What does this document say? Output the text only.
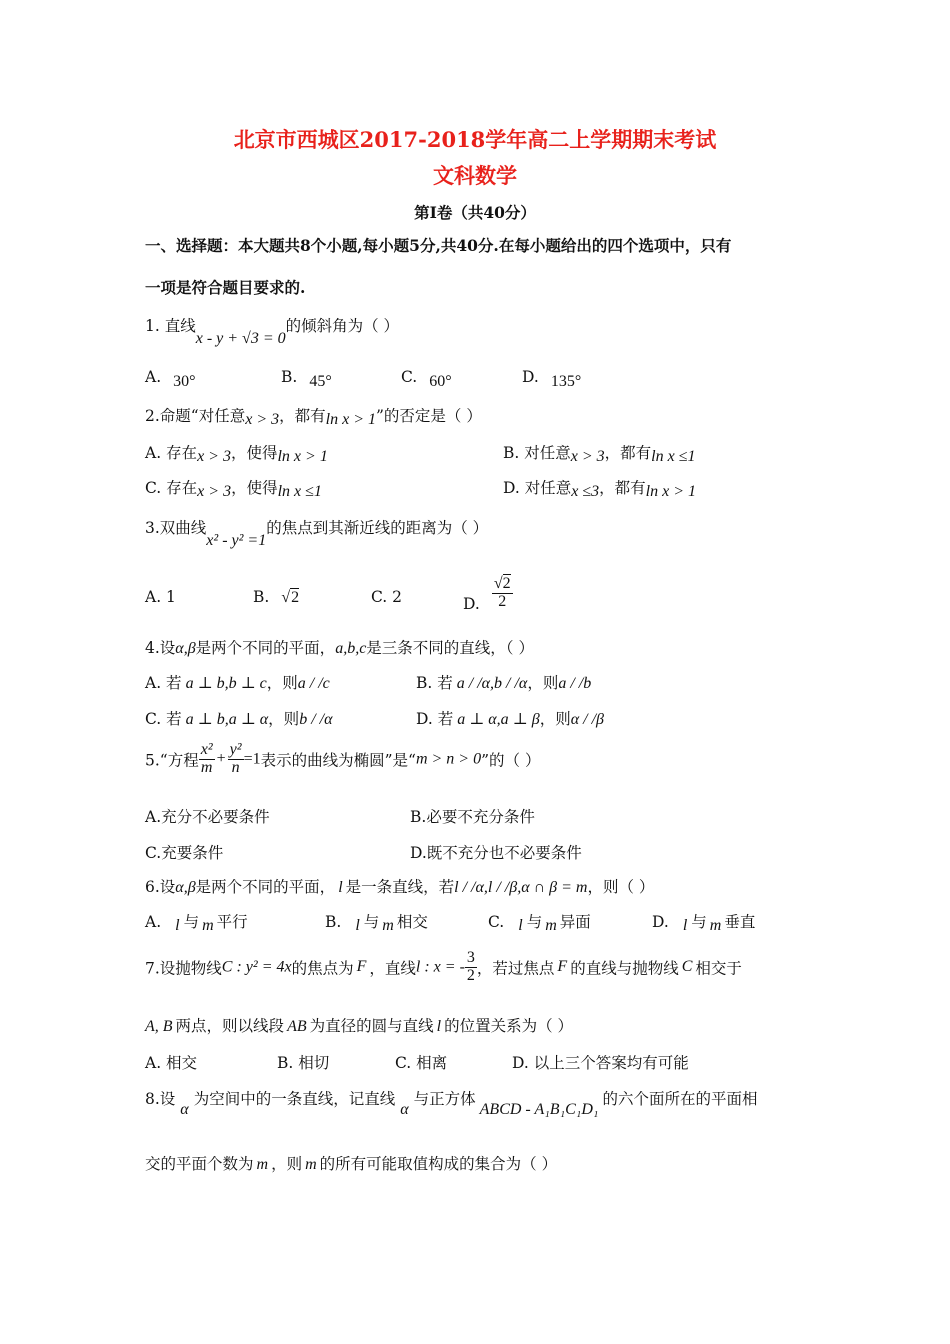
北京市西城区2017-2018学年高二上学期期末考试
文科数学
第Ⅰ卷（共40分）
一、选择题：本大题共8个小题,每小题5分,共40分.在每小题给出的四个选项中，只有
一项是符合题目要求的.
1. 直线x - y + √3 = 0的倾斜角为（ ）
A. 30°	B. 45°	C. 60°	D. 135°
2.命题“对任意x > 3，都有ln x > 1”的否定是（ ）
A. 存在x > 3，使得ln x > 1	B. 对任意x > 3，都有ln x ≤1
C. 存在x > 3，使得ln x ≤1	D. 对任意x ≤3，都有ln x > 1
3.双曲线x² - y² =1的焦点到其渐近线的距离为（ ）
A. 1	B. √2	C. 2	D. $\frac{√2}{2}$
4.设α,β是两个不同的平面，a,b,c是三条不同的直线，（ ）
A. 若 a ⊥ b,b ⊥ c，则a / /c	B. 若 a / /α,b / /α，则a / /b
C. 若 a ⊥ b,a ⊥ α，则b / /α	D. 若 a ⊥ α,a ⊥ β，则α / /β
5.“方程 $\frac{\text{x²}}{m} + \frac{\text{y²}}{n} =1$表示的曲线为椭圆”是“m > n > 0”的（ ）
A.充分不必要条件	B.必要不充分条件
C.充要条件	D.既不充分也不必要条件
6.设α,β是两个不同的平面， l 是一条直线，若l / /α,l / /β,α ∩ β = m，则（ ）
A. l 与 m 平行	B. l 与 m 相交	C. l 与 m 异面	D. l 与 m 垂直
7.设抛物线C : y² = 4x的焦点为 F ，直线l : x = - $\frac{3}{2}$ ，若过焦点 F 的直线与抛物线 C 相交于
A, B 两点，则以线段 AB 为直径的圆与直线 l 的位置关系为（ ）
A. 相交	B. 相切	C. 相离	D. 以上三个答案均有可能
8.设α为空间中的一条直线，记直线α与正方体ABCD - A₁B₁C₁D₁的六个面所在的平面相
交的平面个数为 m ，则 m 的所有可能取值构成的集合为（ ）
